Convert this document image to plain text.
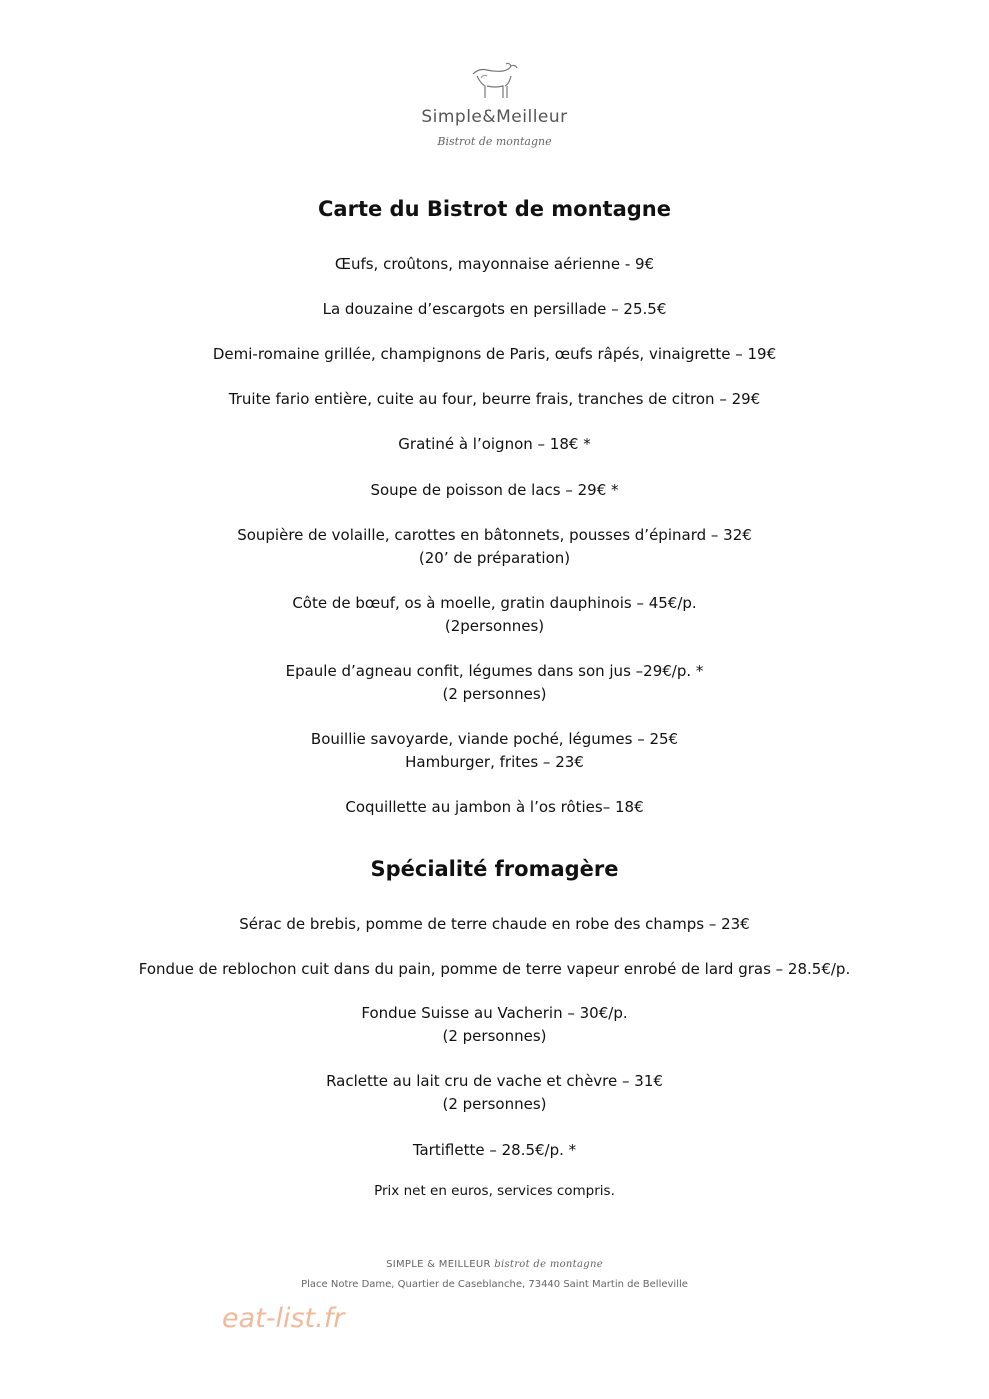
Simple&Meilleur
Bistrot de montagne
Carte du Bistrot de montagne
Œufs, croûtons, mayonnaise aérienne - 9€
La douzaine d’escargots en persillade – 25.5€
Demi-romaine grillée, champignons de Paris, œufs râpés, vinaigrette – 19€
Truite fario entière, cuite au four, beurre frais, tranches de citron – 29€
Gratiné à l’oignon – 18€ *
Soupe de poisson de lacs – 29€ *
Soupière de volaille, carottes en bâtonnets, pousses d’épinard – 32€
(20’ de préparation)
Côte de bœuf, os à moelle, gratin dauphinois – 45€/p.
(2personnes)
Epaule d’agneau confit, légumes dans son jus –29€/p. *
(2 personnes)
Bouillie savoyarde, viande poché, légumes – 25€
Hamburger, frites – 23€
Coquillette au jambon à l’os rôties– 18€
Spécialité fromagère
Sérac de brebis, pomme de terre chaude en robe des champs – 23€
Fondue de reblochon cuit dans du pain, pomme de terre vapeur enrobé de lard gras – 28.5€/p.
Fondue Suisse au Vacherin – 30€/p.
(2 personnes)
Raclette au lait cru de vache et chèvre – 31€
(2 personnes)
Tartiflette – 28.5€/p. *
Prix net en euros, services compris.
SIMPLE & MEILLEUR bistrot de montagne
Place Notre Dame, Quartier de Caseblanche, 73440 Saint Martin de Belleville
eat-list.fr
